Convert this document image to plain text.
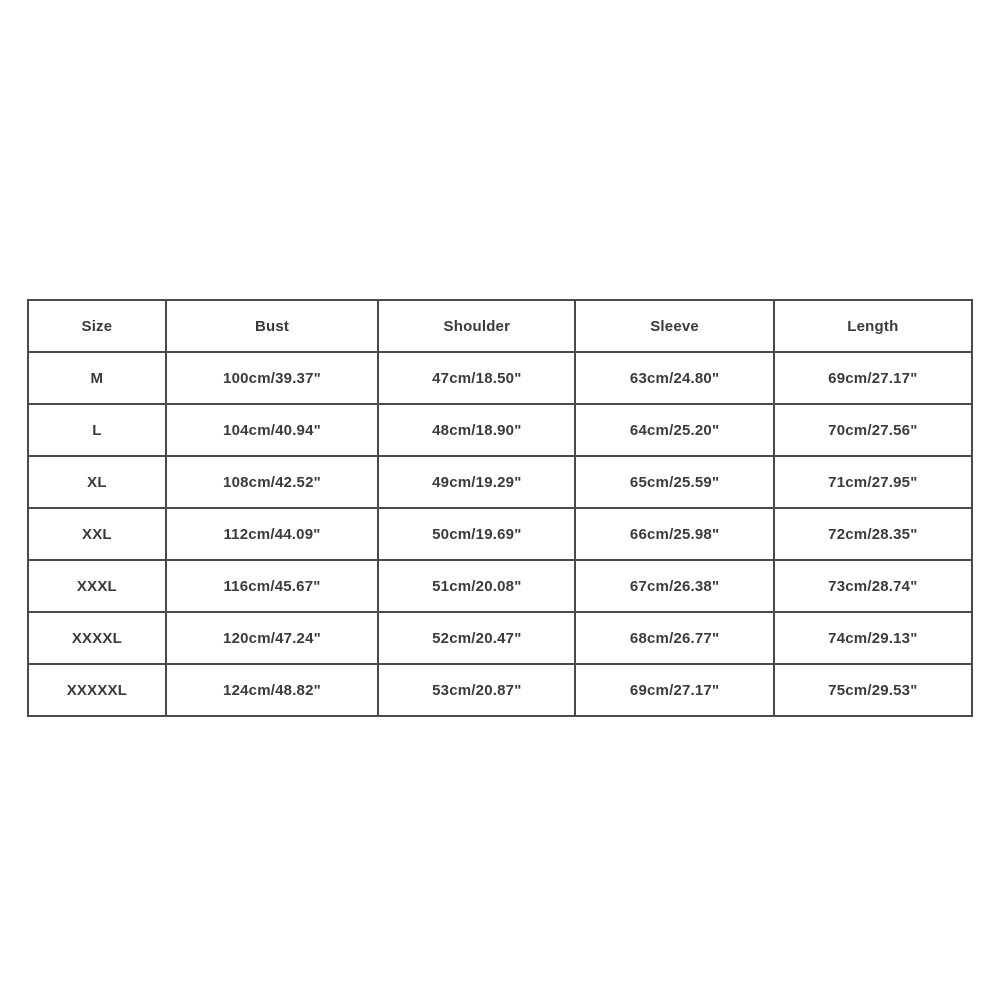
Size	Bust	Shoulder	Sleeve	Length
M	100cm/39.37"	47cm/18.50"	63cm/24.80"	69cm/27.17"
L	104cm/40.94"	48cm/18.90"	64cm/25.20"	70cm/27.56"
XL	108cm/42.52"	49cm/19.29"	65cm/25.59"	71cm/27.95"
XXL	112cm/44.09"	50cm/19.69"	66cm/25.98"	72cm/28.35"
XXXL	116cm/45.67"	51cm/20.08"	67cm/26.38"	73cm/28.74"
XXXXL	120cm/47.24"	52cm/20.47"	68cm/26.77"	74cm/29.13"
XXXXXL	124cm/48.82"	53cm/20.87"	69cm/27.17"	75cm/29.53"
